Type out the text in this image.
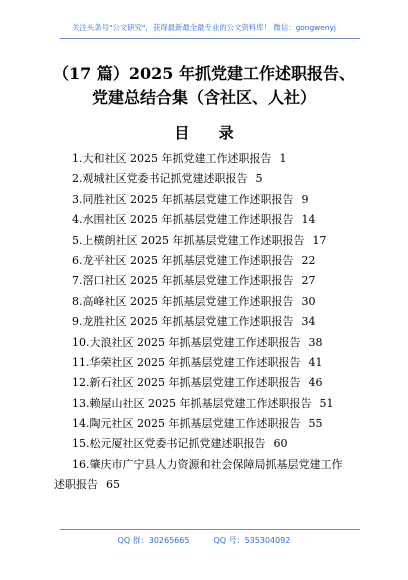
关注头条号"公文研究"，获得最新最全最专业的公文资料库！ 微信：gongwenyj
（17 篇）2025 年抓党建工作述职报告、
党建总结合集（含社区、人社）
目 录
1.大和社区 2025 年抓党建工作述职报告 1
2.观城社区党委书记抓党建述职报告 5
3.同胜社区 2025 年抓基层党建工作述职报告 9
4.水围社区 2025 年抓基层党建工作述职报告 14
5.上横朗社区 2025 年抓基层党建工作述职报告 17
6.龙平社区 2025 年抓基层党建工作述职报告 22
7.滘口社区 2025 年抓基层党建工作述职报告 27
8.高峰社区 2025 年抓基层党建工作述职报告 30
9.龙胜社区 2025 年抓基层党建工作述职报告 34
10.大浪社区 2025 年抓基层党建工作述职报告 38
11.华荣社区 2025 年抓基层党建工作述职报告 41
12.新石社区 2025 年抓基层党建工作述职报告 46
13.赖屋山社区 2025 年抓基层党建工作述职报告 51
14.陶元社区 2025 年抓基层党建工作述职报告 55
15.松元厦社区党委书记抓党建述职报告 60
16.肇庆市广宁县人力资源和社会保障局抓基层党建工作
述职报告 65
QQ 群：30265665	QQ 号：535304092
